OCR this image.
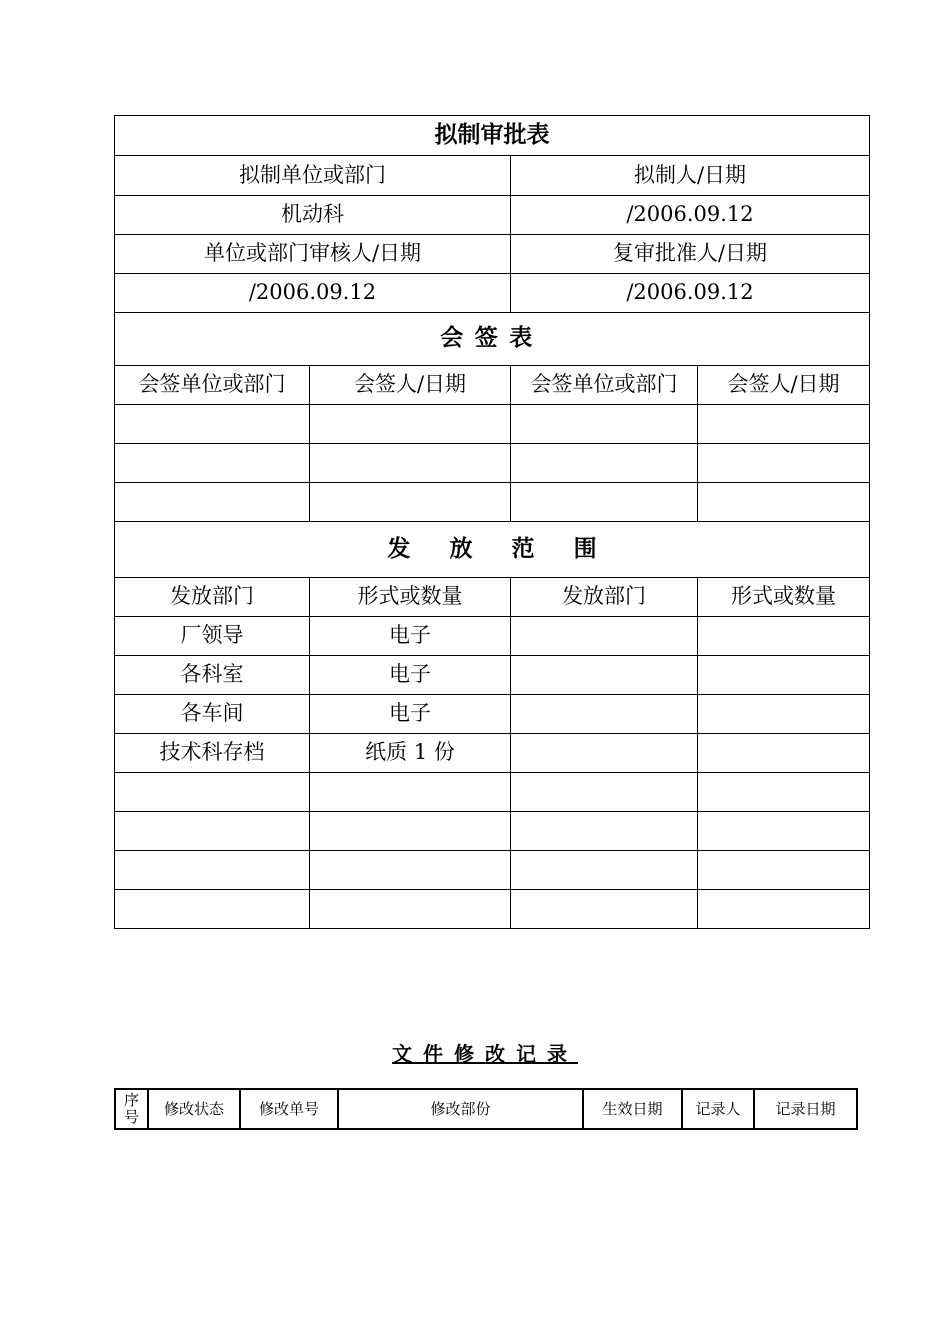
拟制审批表			
拟制单位或部门		拟制人/日期	
机动科		/2006.09.12	
单位或部门审核人/日期		复审批准人/日期	
/2006.09.12		/2006.09.12	
会签表			
会签单位或部门	会签人/日期	会签单位或部门	会签人/日期

发放范围			
发放部门	形式或数量	发放部门	形式或数量
厂领导	电子		
各科室	电子		
各车间	电子		
技术科存档	纸质 1 份		

文件修改记录
序号	修改状态	修改单号	修改部份	生效日期	记录人	记录日期
